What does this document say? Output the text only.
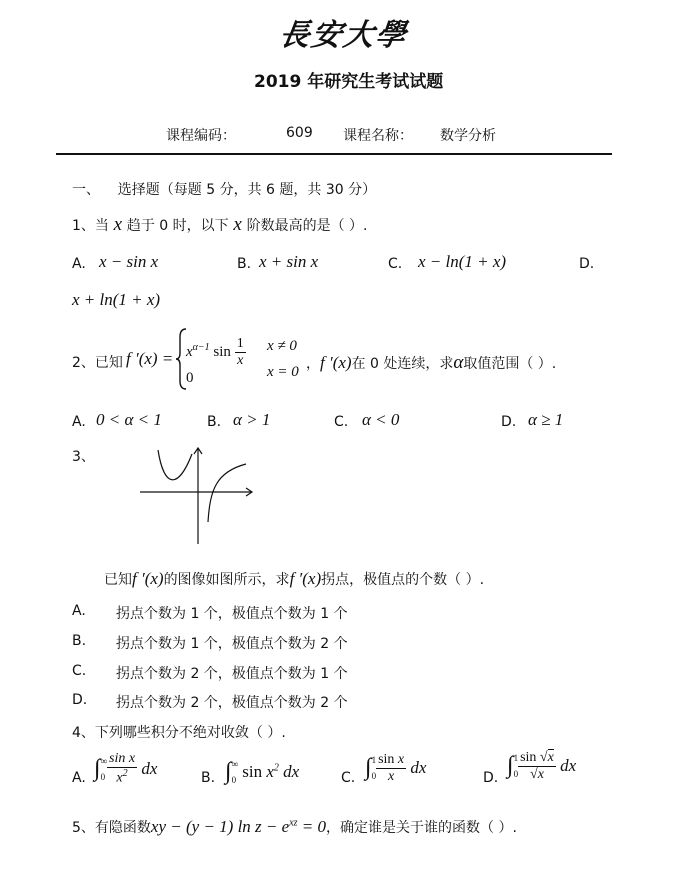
長安大學
2019 年研究生考试试题
课程编码：	609 课程名称： 数学分析
一、    选择题（每题 5 分，共 6 题，共 30 分）
1、当 x 趋于 0 时，以下 x 阶数最高的是（ ）.
A. x − sin x	B. x + sin x	C. x − ln(1 + x)	D.
x + ln(1 + x)
2、已知 f $'(x) = x^{\alpha-1}$ $\sin \frac{1}{x}$ x ≠ 0
0	x = 0 ，f ′(x)在 0 处连续，求α取值范围（ ）.
A. 0 < α < 1	B. α > 1	C. α < 0	D. α ≥ 1
3、
已知f ′(x)的图像如图所示，求f ′(x)拐点，极值点的个数（ ）.
A. 拐点个数为 1 个，极值点个数为 1 个
B. 拐点个数为 1 个，极值点个数为 2 个
C. 拐点个数为 2 个，极值点个数为 1 个
D. 拐点个数为 2 个，极值点个数为 2 个
4、下列哪些积分不绝对收敛（ ）.
A. ∫∞
$0 \frac{\text{sin x}}{x^2}$ dx
B. ∫∞
0 $\sin x^2$ dx	C. ∫1
$0 \frac{\text{sin x}}{x}$ dx
D. ∫1
$0 \frac{\sin √x}{√x}$ dx
5、有隐函数xy − (y − 1) $\ln z - e^{xz} = 0$，确定谁是关于谁的函数（ ）.
